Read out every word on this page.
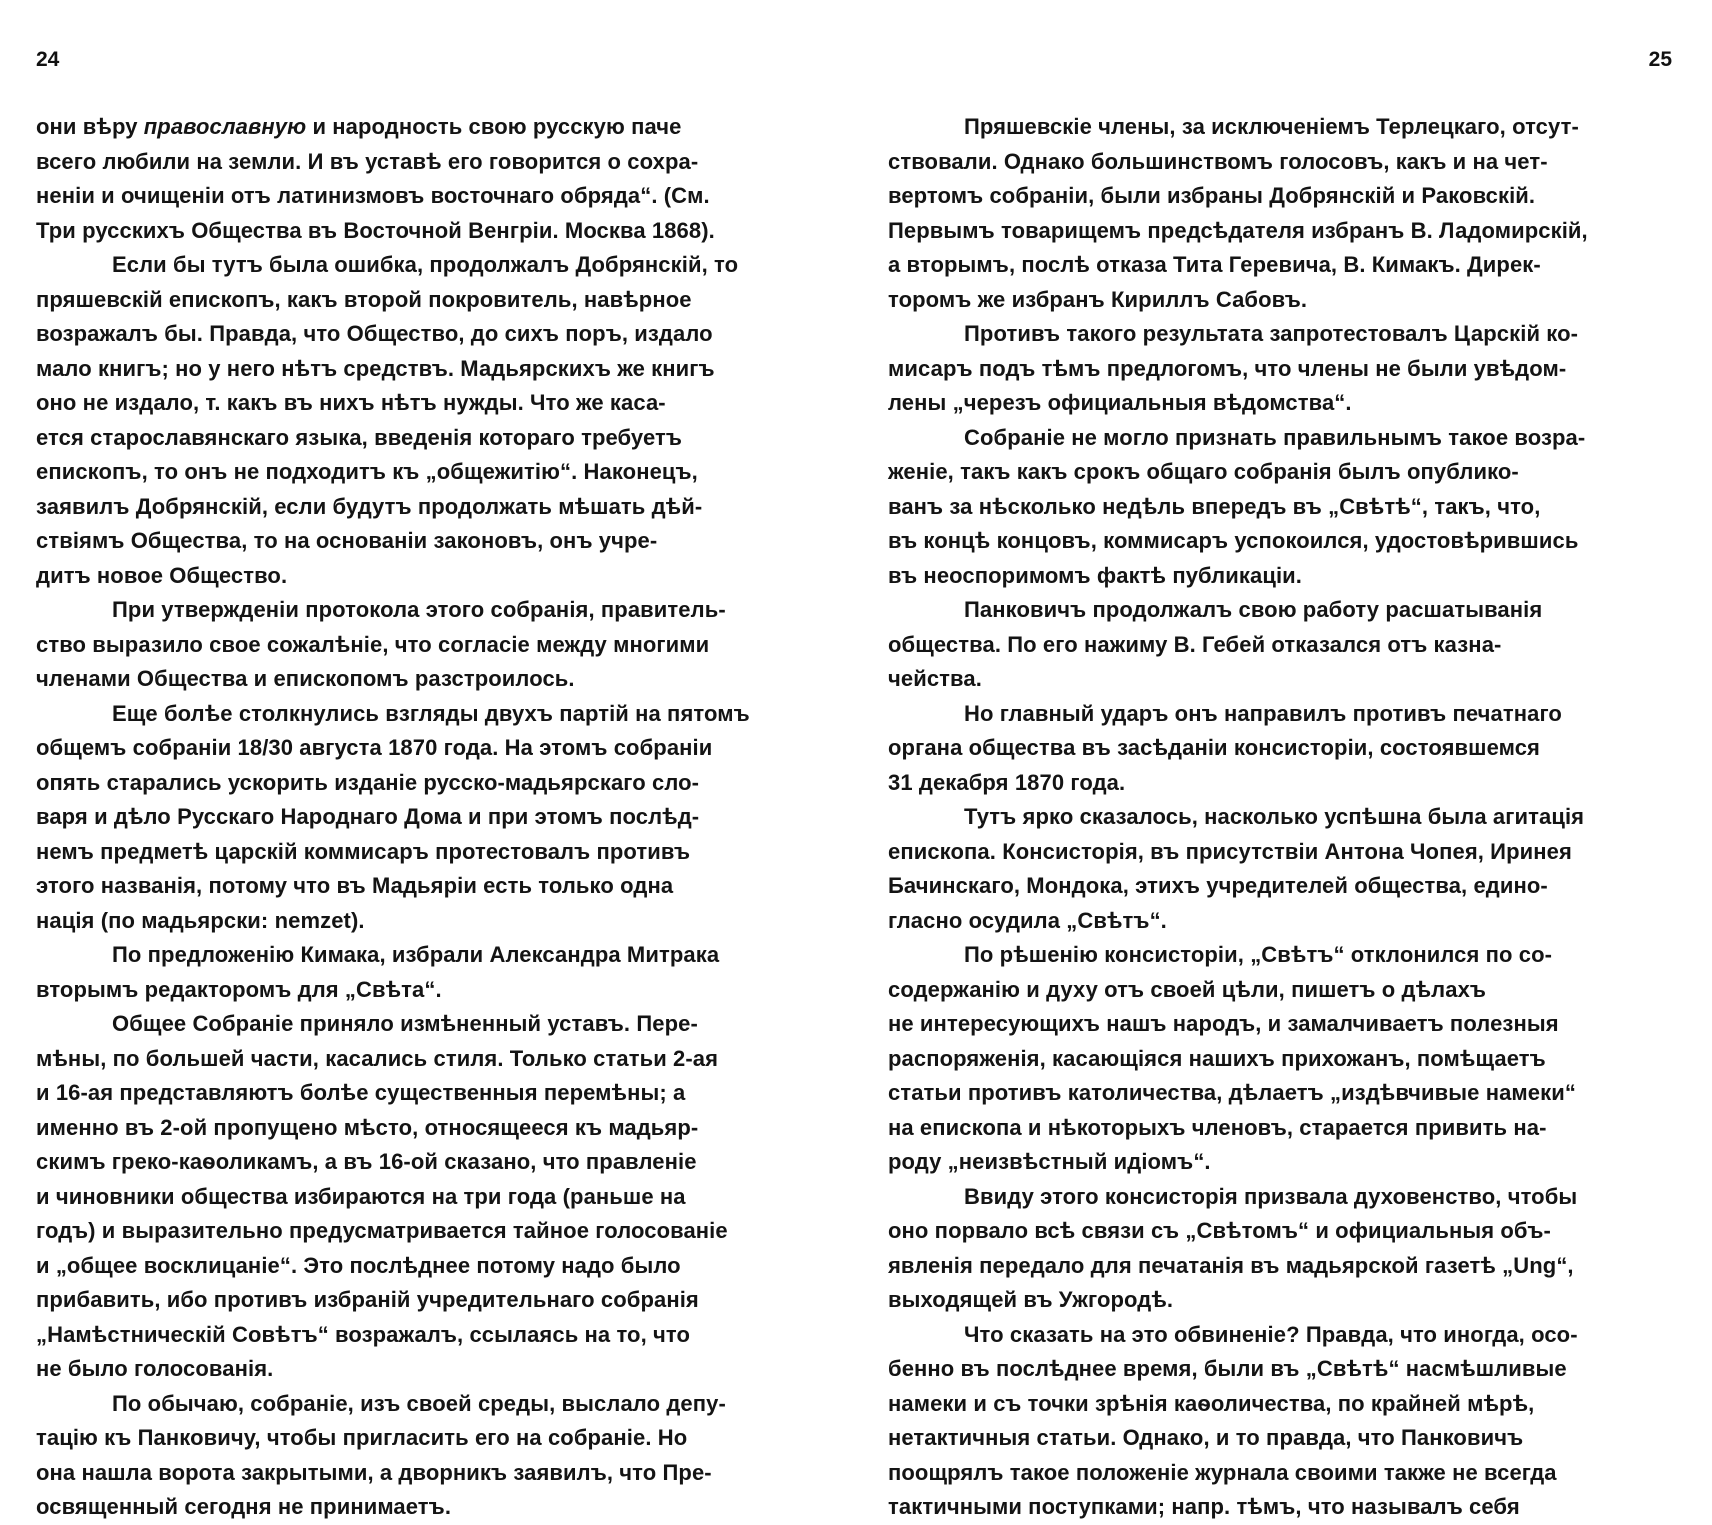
24
они вѣру православную и народность свою русскую паче
всего любили на земли. И въ уставѣ его говорится о сохра-
неніи и очищеніи отъ латинизмовъ восточнаго обряда“. (См.
Три русскихъ Общества въ Восточной Венгріи. Москва 1868).
Если бы тутъ была ошибка, продолжалъ Добрянскій, то
пряшевскій епископъ, какъ второй покровитель, навѣрное
возражалъ бы. Правда, что Общество, до сихъ поръ, издало
мало книгъ; но у него нѣтъ средствъ. Мадьярскихъ же книгъ
оно не издало, т. какъ въ нихъ нѣтъ нужды. Что же каса-
ется старославянскаго языка, введенія котораго требуетъ
епископъ, то онъ не подходитъ къ „общежитію“. Наконецъ,
заявилъ Добрянскій, если будутъ продолжать мѣшать дѣй-
ствіямъ Общества, то на основаніи законовъ, онъ учре-
дитъ новое Общество.
При утвержденіи протокола этого собранія, правитель-
ство выразило свое сожалѣніе, что согласіе между многими
членами Общества и епископомъ разстроилось.
Еще болѣе столкнулись взгляды двухъ партій на пятомъ
общемъ собраніи 18/30 августа 1870 года. На этомъ собраніи
опять старались ускорить изданіе русско-мадьярскаго сло-
варя и дѣло Русскаго Народнаго Дома и при этомъ послѣд-
немъ предметѣ царскій коммисаръ протестовалъ противъ
этого названія, потому что въ Мадьяріи есть только одна
нація (по мадьярски: nemzet).
По предложенію Кимака, избрали Александра Митрака
вторымъ редакторомъ для „Свѣта“.
Общее Собраніе приняло измѣненный уставъ. Пере-
мѣны, по большей части, касались стиля. Только статьи 2-ая
и 16-ая представляютъ болѣе существенныя перемѣны; а
именно въ 2-ой пропущено мѣсто, относящееся къ мадьяр-
скимъ греко-каѳоликамъ, а въ 16-ой сказано, что правленіе
и чиновники общества избираются на три года (раньше на
годъ) и выразительно предусматривается тайное голосованіе
и „общее восклицаніе“. Это послѣднее потому надо было
прибавить, ибо противъ избраній учредительнаго собранія
„Намѣстническій Совѣтъ“ возражалъ, ссылаясь на то, что
не было голосованія.
По обычаю, собраніе, изъ своей среды, выслало депу-
тацію къ Панковичу, чтобы пригласить его на собраніе. Но
она нашла ворота закрытыми, а дворникъ заявилъ, что Пре-
освященный сегодня не принимаетъ.
25
Пряшевскіе члены, за исключеніемъ Терлецкаго, отсут-
ствовали. Однако большинствомъ голосовъ, какъ и на чет-
вертомъ собраніи, были избраны Добрянскій и Раковскій.
Первымъ товарищемъ предсѣдателя избранъ В. Ладомирскій,
а вторымъ, послѣ отказа Тита Геревича, В. Кимакъ. Дирек-
торомъ же избранъ Кириллъ Сабовъ.
Противъ такого результата запротестовалъ Царскій ко-
мисаръ подъ тѣмъ предлогомъ, что члены не были увѣдом-
лены „черезъ официальныя вѣдомства“.
Собраніе не могло признать правильнымъ такое возра-
женіе, такъ какъ срокъ общаго собранія былъ опублико-
ванъ за нѣсколько недѣль впередъ въ „Свѣтѣ“, такъ, что,
въ концѣ концовъ, коммисаръ успокоился, удостовѣрившись
въ неоспоримомъ фактѣ публикаціи.
Панковичъ продолжалъ свою работу расшатыванія
общества. По его нажиму В. Гебей отказался отъ казна-
чейства.
Но главный ударъ онъ направилъ противъ печатнаго
органа общества въ засѣданіи консисторіи, состоявшемся
31 декабря 1870 года.
Тутъ ярко сказалось, насколько успѣшна была агитація
епископа. Консисторія, въ присутствіи Антона Чопея, Иринея
Бачинскаго, Мондока, этихъ учредителей общества, едино-
гласно осудила „Свѣтъ“.
По рѣшенію консисторіи, „Свѣтъ“ отклонился по со-
содержанію и духу отъ своей цѣли, пишетъ о дѣлахъ
не интересующихъ нашъ народъ, и замалчиваетъ полезныя
распоряженія, касающіяся нашихъ прихожанъ, помѣщаетъ
статьи противъ католичества, дѣлаетъ „издѣвчивые намеки“
на епископа и нѣкоторыхъ членовъ, старается привить на-
роду „неизвѣстный идіомъ“.
Ввиду этого консисторія призвала духовенство, чтобы
оно порвало всѣ связи съ „Свѣтомъ“ и официальныя объ-
явленія передало для печатанія въ мадьярской газетѣ „Ung“,
выходящей въ Ужгородѣ.
Что сказать на это обвиненіе? Правда, что иногда, осо-
бенно въ послѣднее время, были въ „Свѣтѣ“ насмѣшливые
намеки и съ точки зрѣнія каѳоличества, по крайней мѣрѣ,
нетактичныя статьи. Однако, и то правда, что Панковичъ
поощрялъ такое положеніе журнала своими также не всегда
тактичными поступками; напр. тѣмъ, что называлъ себя
